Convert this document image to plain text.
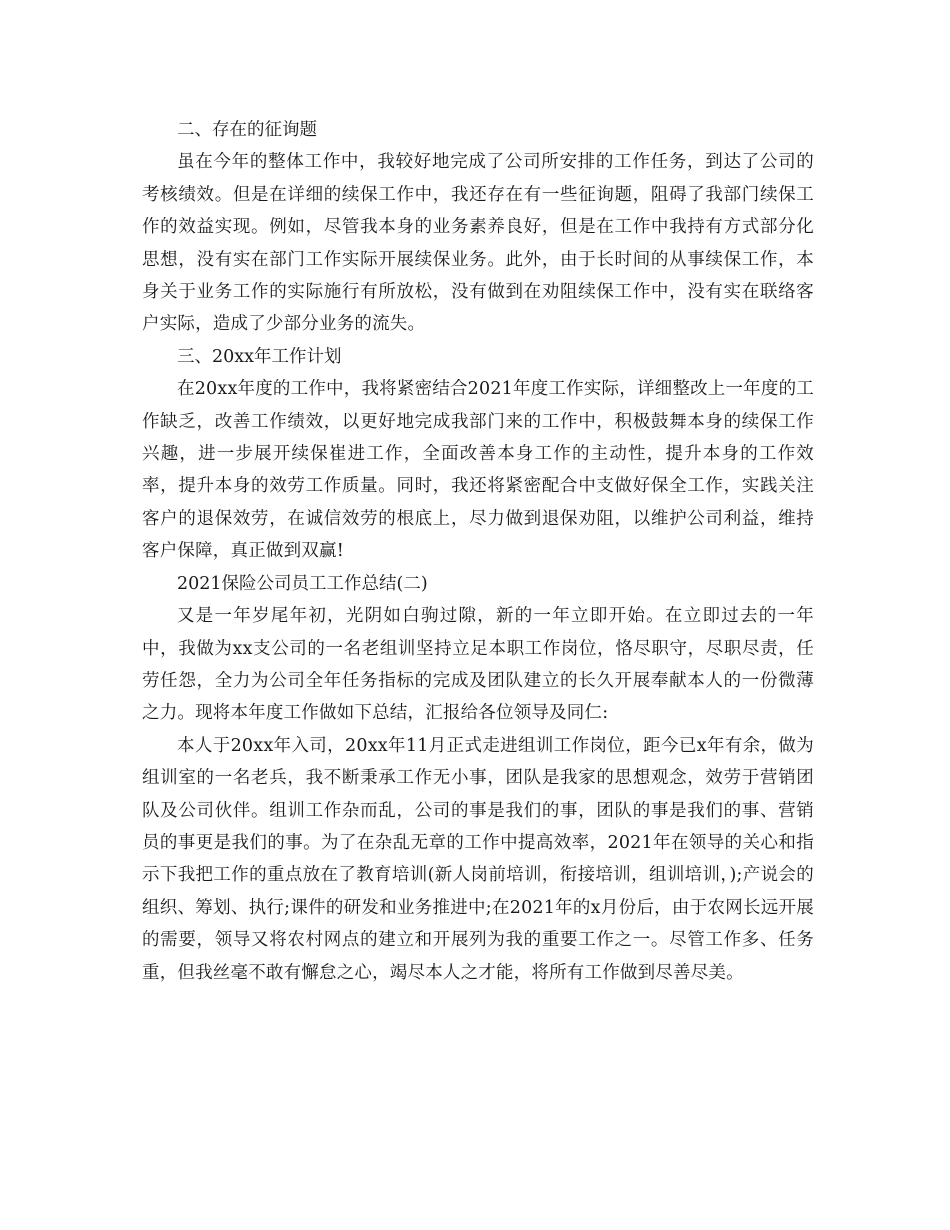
二、存在的征询题

虽在今年的整体工作中，我较好地完成了公司所安排的工作任务，到达了公司的考核绩效。但是在详细的续保工作中，我还存在有一些征询题，阻碍了我部门续保工作的效益实现。例如，尽管我本身的业务素养良好，但是在工作中我持有方式部分化思想，没有实在部门工作实际开展续保业务。此外，由于长时间的从事续保工作，本身关于业务工作的实际施行有所放松，没有做到在劝阻续保工作中，没有实在联络客户实际，造成了少部分业务的流失。

三、20xx年工作计划

在20xx年度的工作中，我将紧密结合2021年度工作实际，详细整改上一年度的工作缺乏，改善工作绩效，以更好地完成我部门来的工作中，积极鼓舞本身的续保工作兴趣，进一步展开续保崔进工作，全面改善本身工作的主动性，提升本身的工作效率，提升本身的效劳工作质量。同时，我还将紧密配合中支做好保全工作，实践关注客户的退保效劳，在诚信效劳的根底上，尽力做到退保劝阻，以维护公司利益，维持客户保障，真正做到双赢!

2021保险公司员工工作总结(二)

又是一年岁尾年初，光阴如白驹过隙，新的一年立即开始。在立即过去的一年中，我做为xx支公司的一名老组训坚持立足本职工作岗位，恪尽职守，尽职尽责，任劳任怨，全力为公司全年任务指标的完成及团队建立的长久开展奉献本人的一份微薄之力。现将本年度工作做如下总结，汇报给各位领导及同仁:

本人于20xx年入司，20xx年11月正式走进组训工作岗位，距今已x年有余，做为组训室的一名老兵，我不断秉承工作无小事，团队是我家的思想观念，效劳于营销团队及公司伙伴。组训工作杂而乱，公司的事是我们的事，团队的事是我们的事、营销员的事更是我们的事。为了在杂乱无章的工作中提高效率，2021年在领导的关心和指示下我把工作的重点放在了教育培训(新人岗前培训，衔接培训，组训培训，);产说会的组织、筹划、执行;课件的研发和业务推进中;在2021年的x月份后，由于农网长远开展的需要，领导又将农村网点的建立和开展列为我的重要工作之一。尽管工作多、任务重，但我丝毫不敢有懈怠之心，竭尽本人之才能，将所有工作做到尽善尽美。
